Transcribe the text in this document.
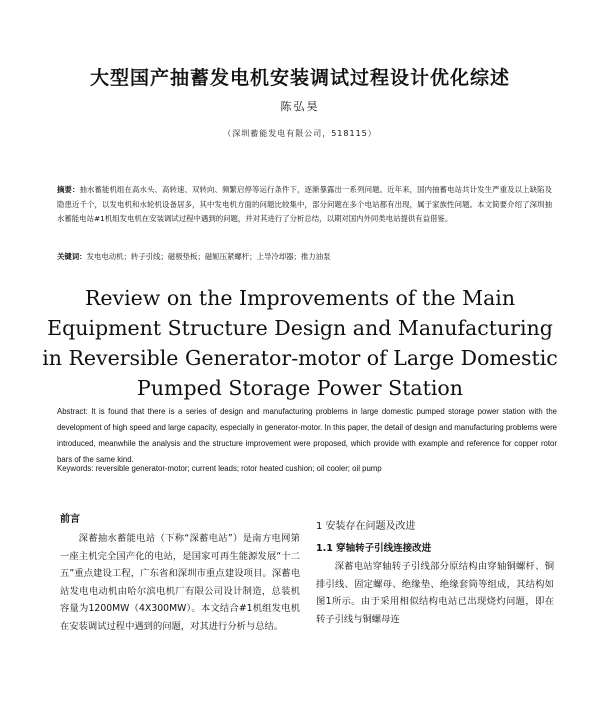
大型国产抽蓄发电机安装调试过程设计优化综述
陈弘昊
（深圳蓄能发电有限公司，518115）
摘要：抽水蓄能机组在高水头、高转速、双转向、频繁启停等运行条件下，逐渐暴露出一系列问题。近年来，国内抽蓄电站共计发生严重及以上缺陷及隐患近千个，以发电机和水轮机设备居多，其中发电机方面的问题比较集中，部分问题在多个电站都有出现，属于家族性问题。本文简要介绍了深圳抽水蓄能电站#1机组发电机在安装调试过程中遇到的问题，并对其进行了分析总结，以期对国内外同类电站提供有益借鉴。
关键词：发电电动机；转子引线；磁极垫板；磁轭压紧螺杆；上导冷却器；推力油泵
Review on the Improvements of the Main Equipment Structure Design and Manufacturing in Reversible Generator-motor of Large Domestic Pumped Storage Power Station
Abstract: It is found that there is a series of design and manufacturing problems in large domestic pumped storage power station with the development of high speed and large capacity, especially in generator-motor. In this paper, the detail of design and manufacturing problems were introduced, meanwhile the analysis and the structure improvement were proposed, which provide with example and reference for copper rotor bars of the same kind.
Keywords: reversible generator-motor; current leads; rotor heated cushion; oil cooler; oil pump
前言
深蓄抽水蓄能电站（下称“深蓄电站”）是南方电网第一座主机完全国产化的电站，是国家可再生能源发展“十二五”重点建设工程，广东省和深圳市重点建设项目。深蓄电站发电电动机由哈尔滨电机厂有限公司设计制造，总装机容量为1200MW（4X300MW）。本文结合#1机组发电机在安装调试过程中遇到的问题，对其进行分析与总结。
1 安装存在问题及改进
1.1 穿轴转子引线连接改进
深蓄电站穿轴转子引线部分原结构由穿轴铜螺杆、铜排引线、固定螺母、绝缘垫、绝缘套筒等组成，其结构如图1所示。由于采用相似结构电站已出现烧灼问题，即在转子引线与铜螺母连
